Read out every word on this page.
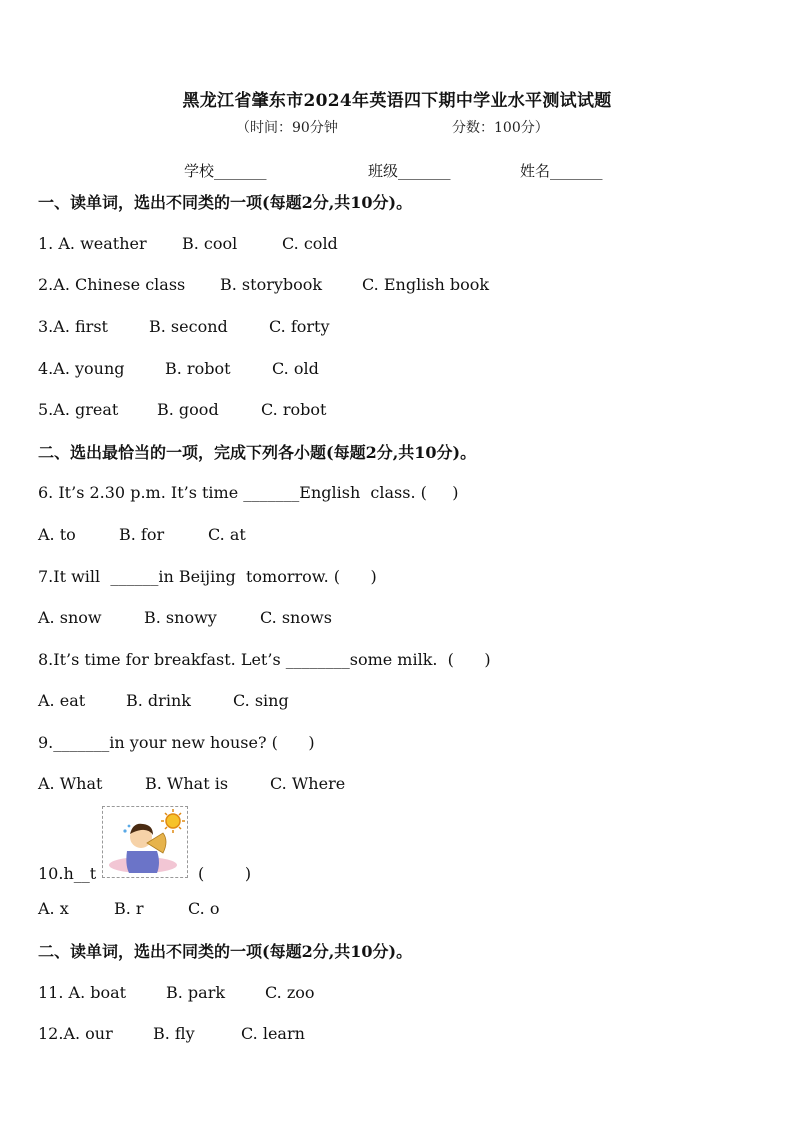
黑龙江省肇东市2024年英语四下期中学业水平测试试题
（时间：90分钟	分数：100分）
学校_______	班级_______	姓名_______
一、读单词，选出不同类的一项(每题2分,共10分)。
1. A. weather B. cool	C. cold
2.A. Chinese class B. storybook C. English book
3.A. first	B. second	C. forty
4.A. young	B. robot	C. old
5.A. great B. good	C. robot
二、选出最恰当的一项，完成下列各小题(每题2分,共10分)。
6. It’s 2.30 p.m. It’s time _______English  class. (     )
A. to	B. for	C. at
7.It will  ______in Beijing  tomorrow. (      )
A. snow	B. snowy	C. snows
8.It’s time for breakfast. Let’s ________some milk.  (      )
A. eat	B. drink	C. sing
9._______in your new house? (      )
A. What	B. What is	C. Where
10.h__t	(        )
A. x	B. r	C. o
二、读单词，选出不同类的一项(每题2分,共10分)。
11. A. boat B. park C. zoo
12.A. our	B. fly	C. learn
